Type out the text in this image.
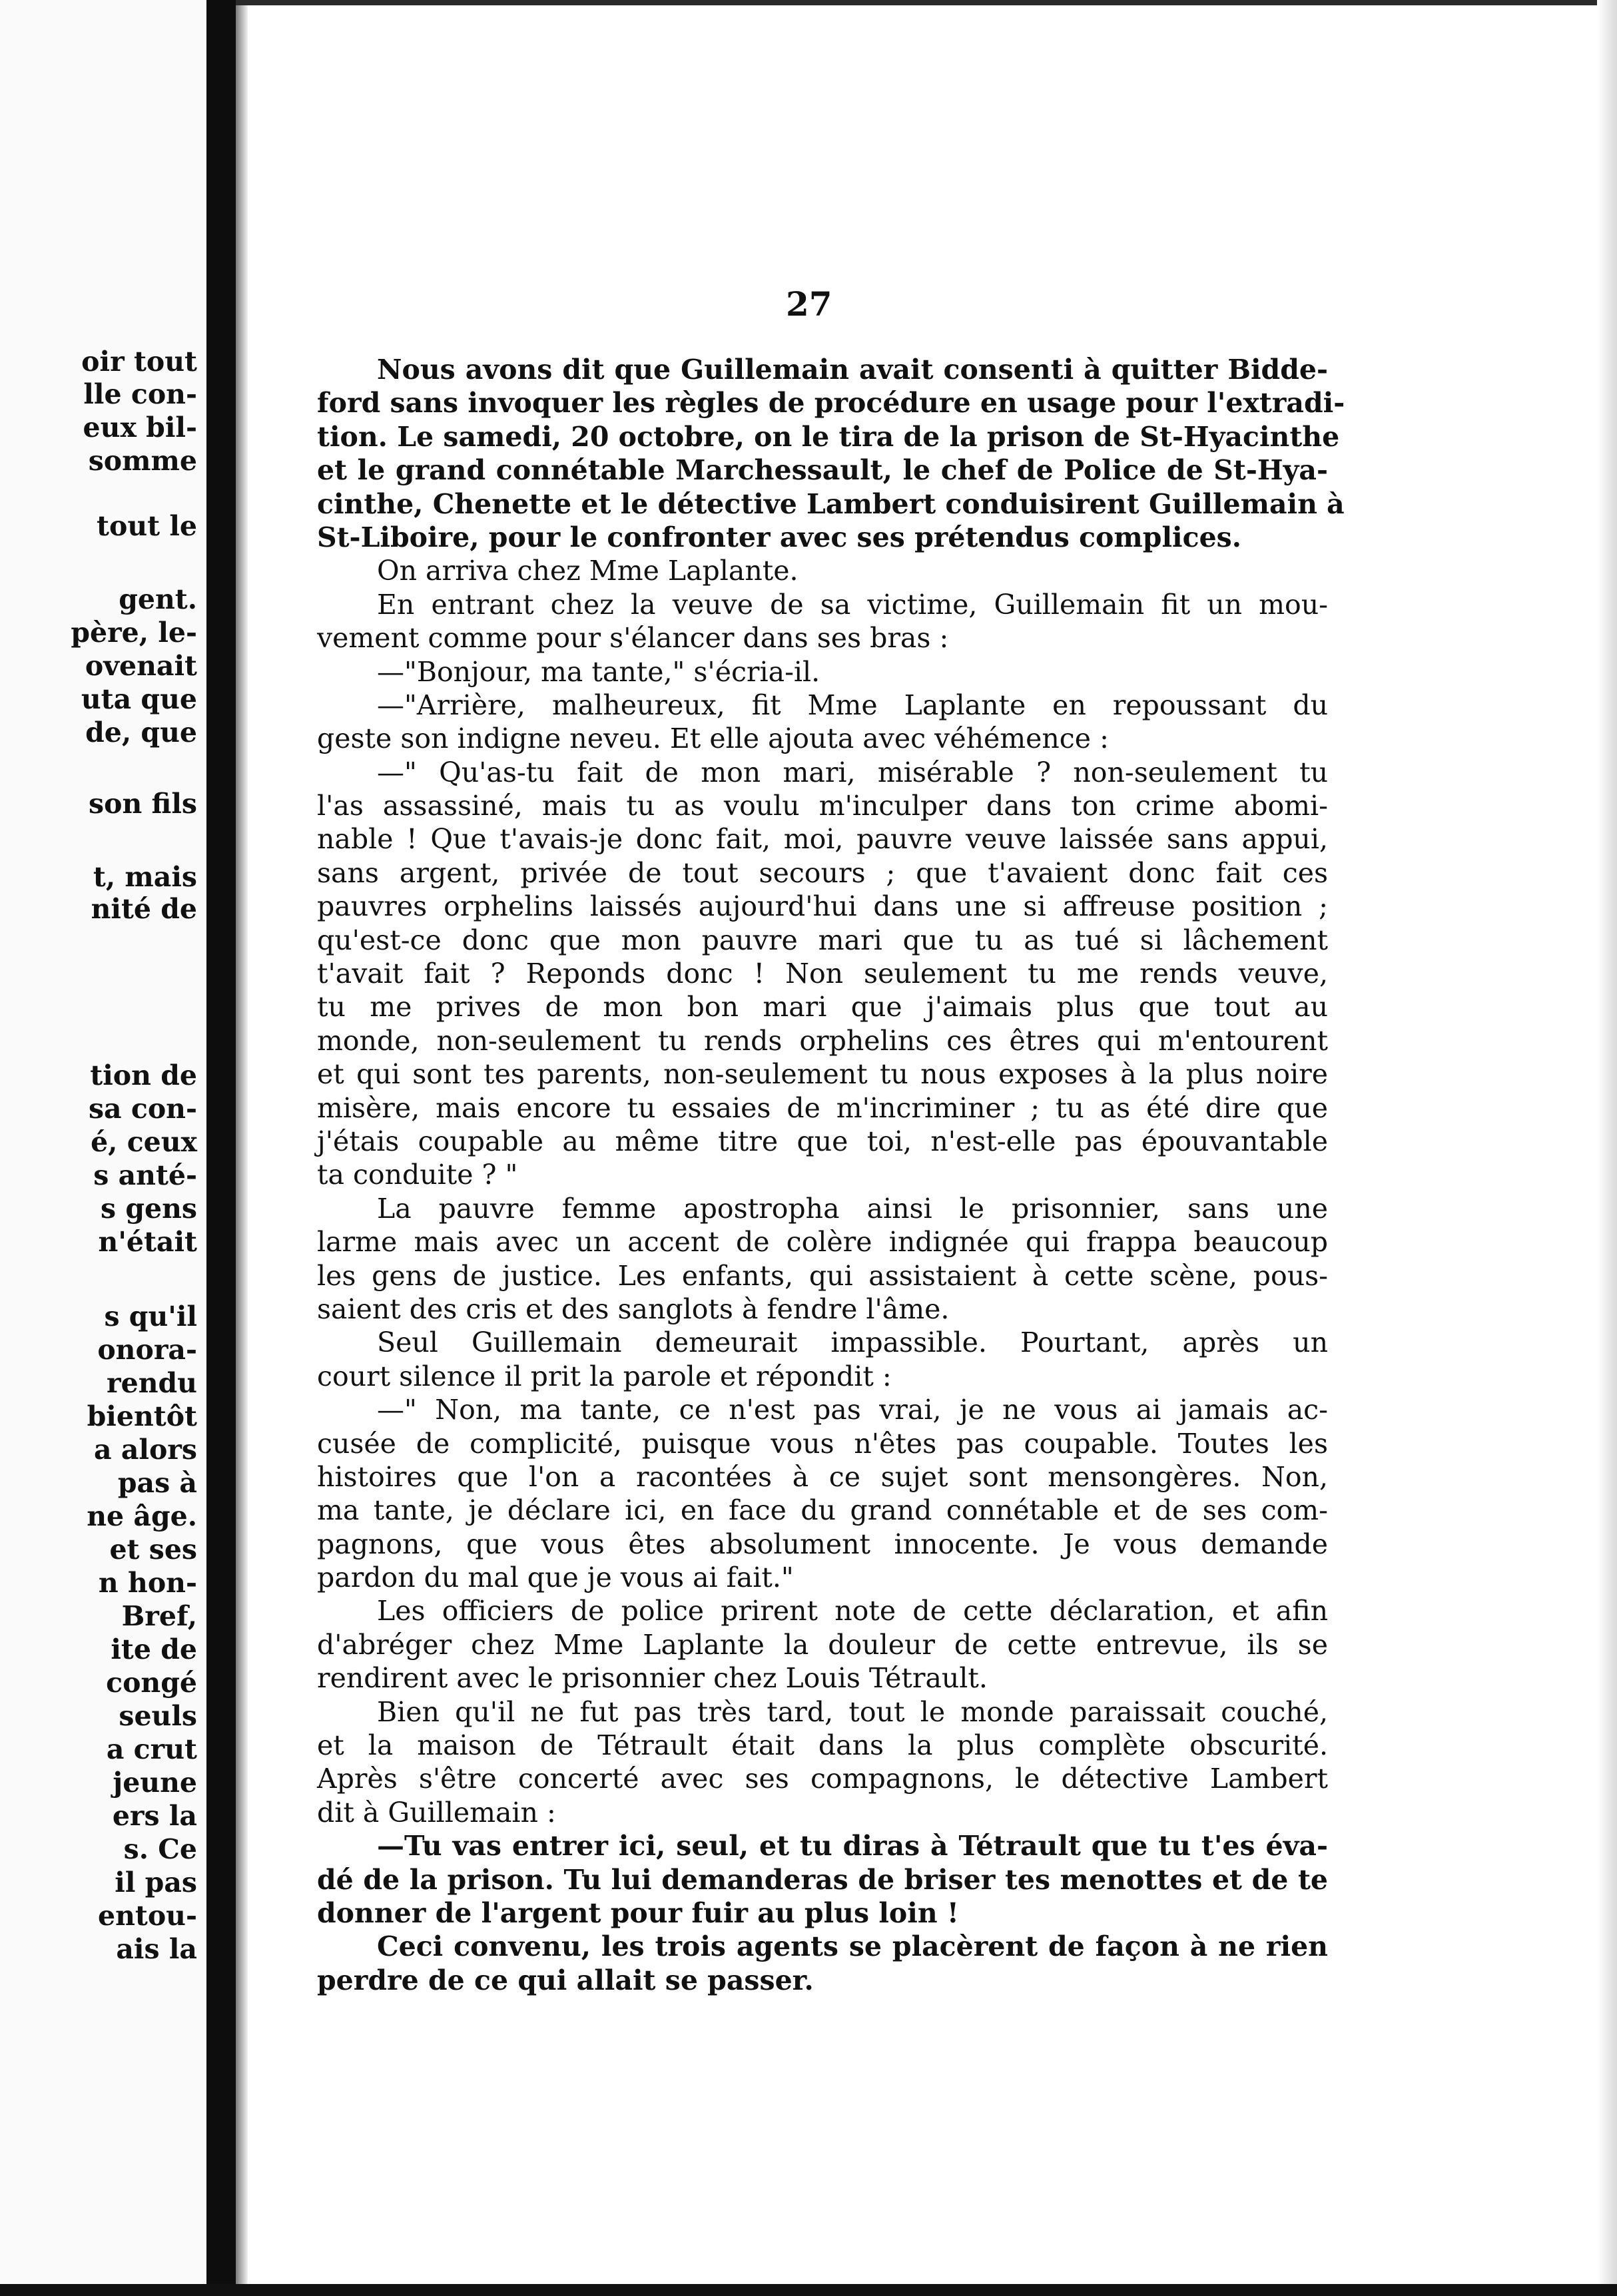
oir tout
lle con-
eux bil-
somme
tout le
gent.
père, le-
ovenait
uta que
de, que
son fils
t, mais
nité de
tion de
sa con-
é, ceux
s anté-
s gens
n'était
s qu'il
onora-
rendu
bientôt
a alors
pas à
ne âge.
et ses
n hon-
Bref,
ite de
congé
seuls
a crut
jeune
ers la
s. Ce
il pas
entou-
ais la
27
Nous avons dit que Guillemain avait consenti à quitter Bidde-
ford sans invoquer les règles de procédure en usage pour l'extradi-
tion. Le samedi, 20 octobre, on le tira de la prison de St-Hyacinthe
et le grand connétable Marchessault, le chef de Police de St-Hya-
cinthe, Chenette et le détective Lambert conduisirent Guillemain à
St-Liboire, pour le confronter avec ses prétendus complices.
On arriva chez Mme Laplante.
En entrant chez la veuve de sa victime, Guillemain fit un mou-
vement comme pour s'élancer dans ses bras :
—"Bonjour, ma tante," s'écria-il.
—"Arrière, malheureux, fit Mme Laplante en repoussant du
geste son indigne neveu. Et elle ajouta avec véhémence :
—" Qu'as-tu fait de mon mari, misérable ? non-seulement tu
l'as assassiné, mais tu as voulu m'inculper dans ton crime abomi-
nable ! Que t'avais-je donc fait, moi, pauvre veuve laissée sans appui,
sans argent, privée de tout secours ; que t'avaient donc fait ces
pauvres orphelins laissés aujourd'hui dans une si affreuse position ;
qu'est-ce donc que mon pauvre mari que tu as tué si lâchement
t'avait fait ? Reponds donc ! Non seulement tu me rends veuve,
tu me prives de mon bon mari que j'aimais plus que tout au
monde, non-seulement tu rends orphelins ces êtres qui m'entourent
et qui sont tes parents, non-seulement tu nous exposes à la plus noire
misère, mais encore tu essaies de m'incriminer ; tu as été dire que
j'étais coupable au même titre que toi, n'est-elle pas épouvantable
ta conduite ? "
La pauvre femme apostropha ainsi le prisonnier, sans une
larme mais avec un accent de colère indignée qui frappa beaucoup
les gens de justice. Les enfants, qui assistaient à cette scène, pous-
saient des cris et des sanglots à fendre l'âme.
Seul Guillemain demeurait impassible. Pourtant, après un
court silence il prit la parole et répondit :
—" Non, ma tante, ce n'est pas vrai, je ne vous ai jamais ac-
cusée de complicité, puisque vous n'êtes pas coupable. Toutes les
histoires que l'on a racontées à ce sujet sont mensongères. Non,
ma tante, je déclare ici, en face du grand connétable et de ses com-
pagnons, que vous êtes absolument innocente. Je vous demande
pardon du mal que je vous ai fait."
Les officiers de police prirent note de cette déclaration, et afin
d'abréger chez Mme Laplante la douleur de cette entrevue, ils se
rendirent avec le prisonnier chez Louis Tétrault.
Bien qu'il ne fut pas très tard, tout le monde paraissait couché,
et la maison de Tétrault était dans la plus complète obscurité.
Après s'être concerté avec ses compagnons, le détective Lambert
dit à Guillemain :
—Tu vas entrer ici, seul, et tu diras à Tétrault que tu t'es éva-
dé de la prison. Tu lui demanderas de briser tes menottes et de te
donner de l'argent pour fuir au plus loin !
Ceci convenu, les trois agents se placèrent de façon à ne rien
perdre de ce qui allait se passer.
